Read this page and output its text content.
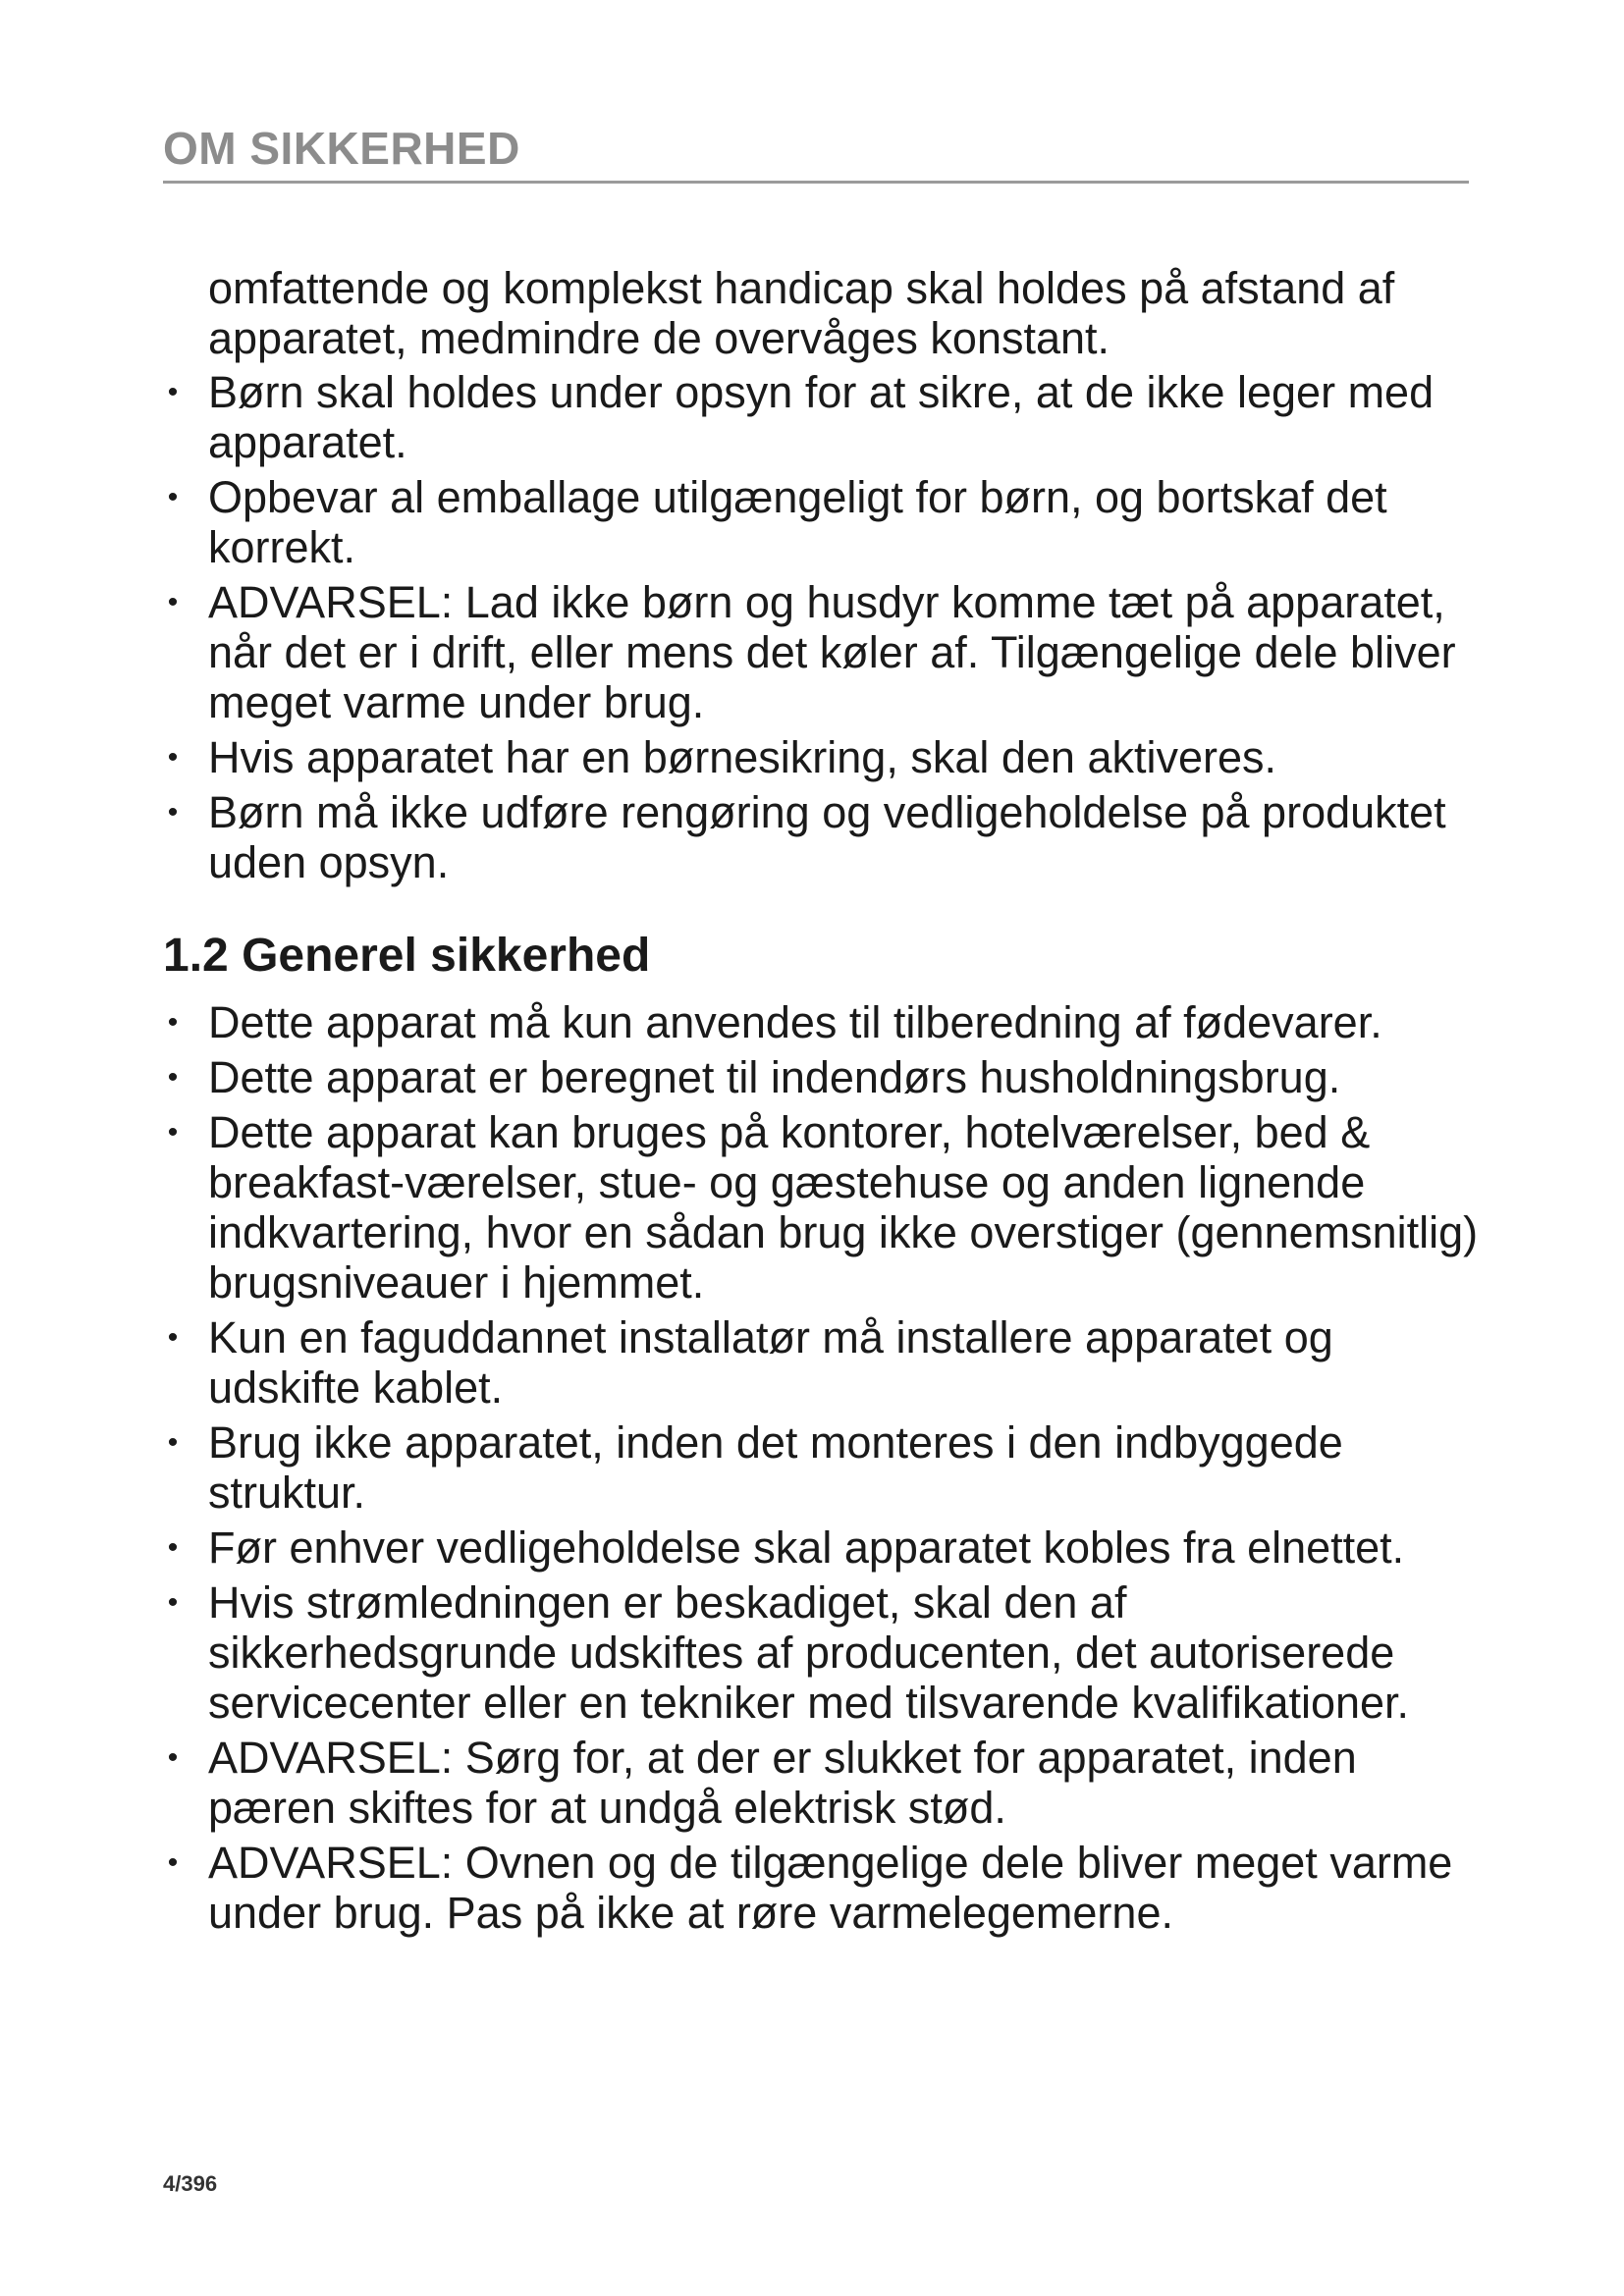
OM SIKKERHED

omfattende og komplekst handicap skal holdes på afstand af apparatet, medmindre de overvåges konstant.

• Børn skal holdes under opsyn for at sikre, at de ikke leger med apparatet.
• Opbevar al emballage utilgængeligt for børn, og bortskaf det korrekt.
• ADVARSEL: Lad ikke børn og husdyr komme tæt på apparatet, når det er i drift, eller mens det køler af. Tilgængelige dele bliver meget varme under brug.
• Hvis apparatet har en børnesikring, skal den aktiveres.
• Børn må ikke udføre rengøring og vedligeholdelse på produktet uden opsyn.
1.2 Generel sikkerhed
• Dette apparat må kun anvendes til tilberedning af fødevarer.
• Dette apparat er beregnet til indendørs husholdningsbrug.
• Dette apparat kan bruges på kontorer, hotelværelser, bed & breakfast-værelser, stue- og gæstehuse og anden lignende indkvartering, hvor en sådan brug ikke overstiger (gennemsnitlig) brugsniveauer i hjemmet.
• Kun en faguddannet installatør må installere apparatet og udskifte kablet.
• Brug ikke apparatet, inden det monteres i den indbyggede struktur.
• Før enhver vedligeholdelse skal apparatet kobles fra elnettet.
• Hvis strømledningen er beskadiget, skal den af sikkerhedsgrunde udskiftes af producenten, det autoriserede servicecenter eller en tekniker med tilsvarende kvalifikationer.
• ADVARSEL: Sørg for, at der er slukket for apparatet, inden pæren skiftes for at undgå elektrisk stød.
• ADVARSEL: Ovnen og de tilgængelige dele bliver meget varme under brug. Pas på ikke at røre varmelegemerne.
4/396
